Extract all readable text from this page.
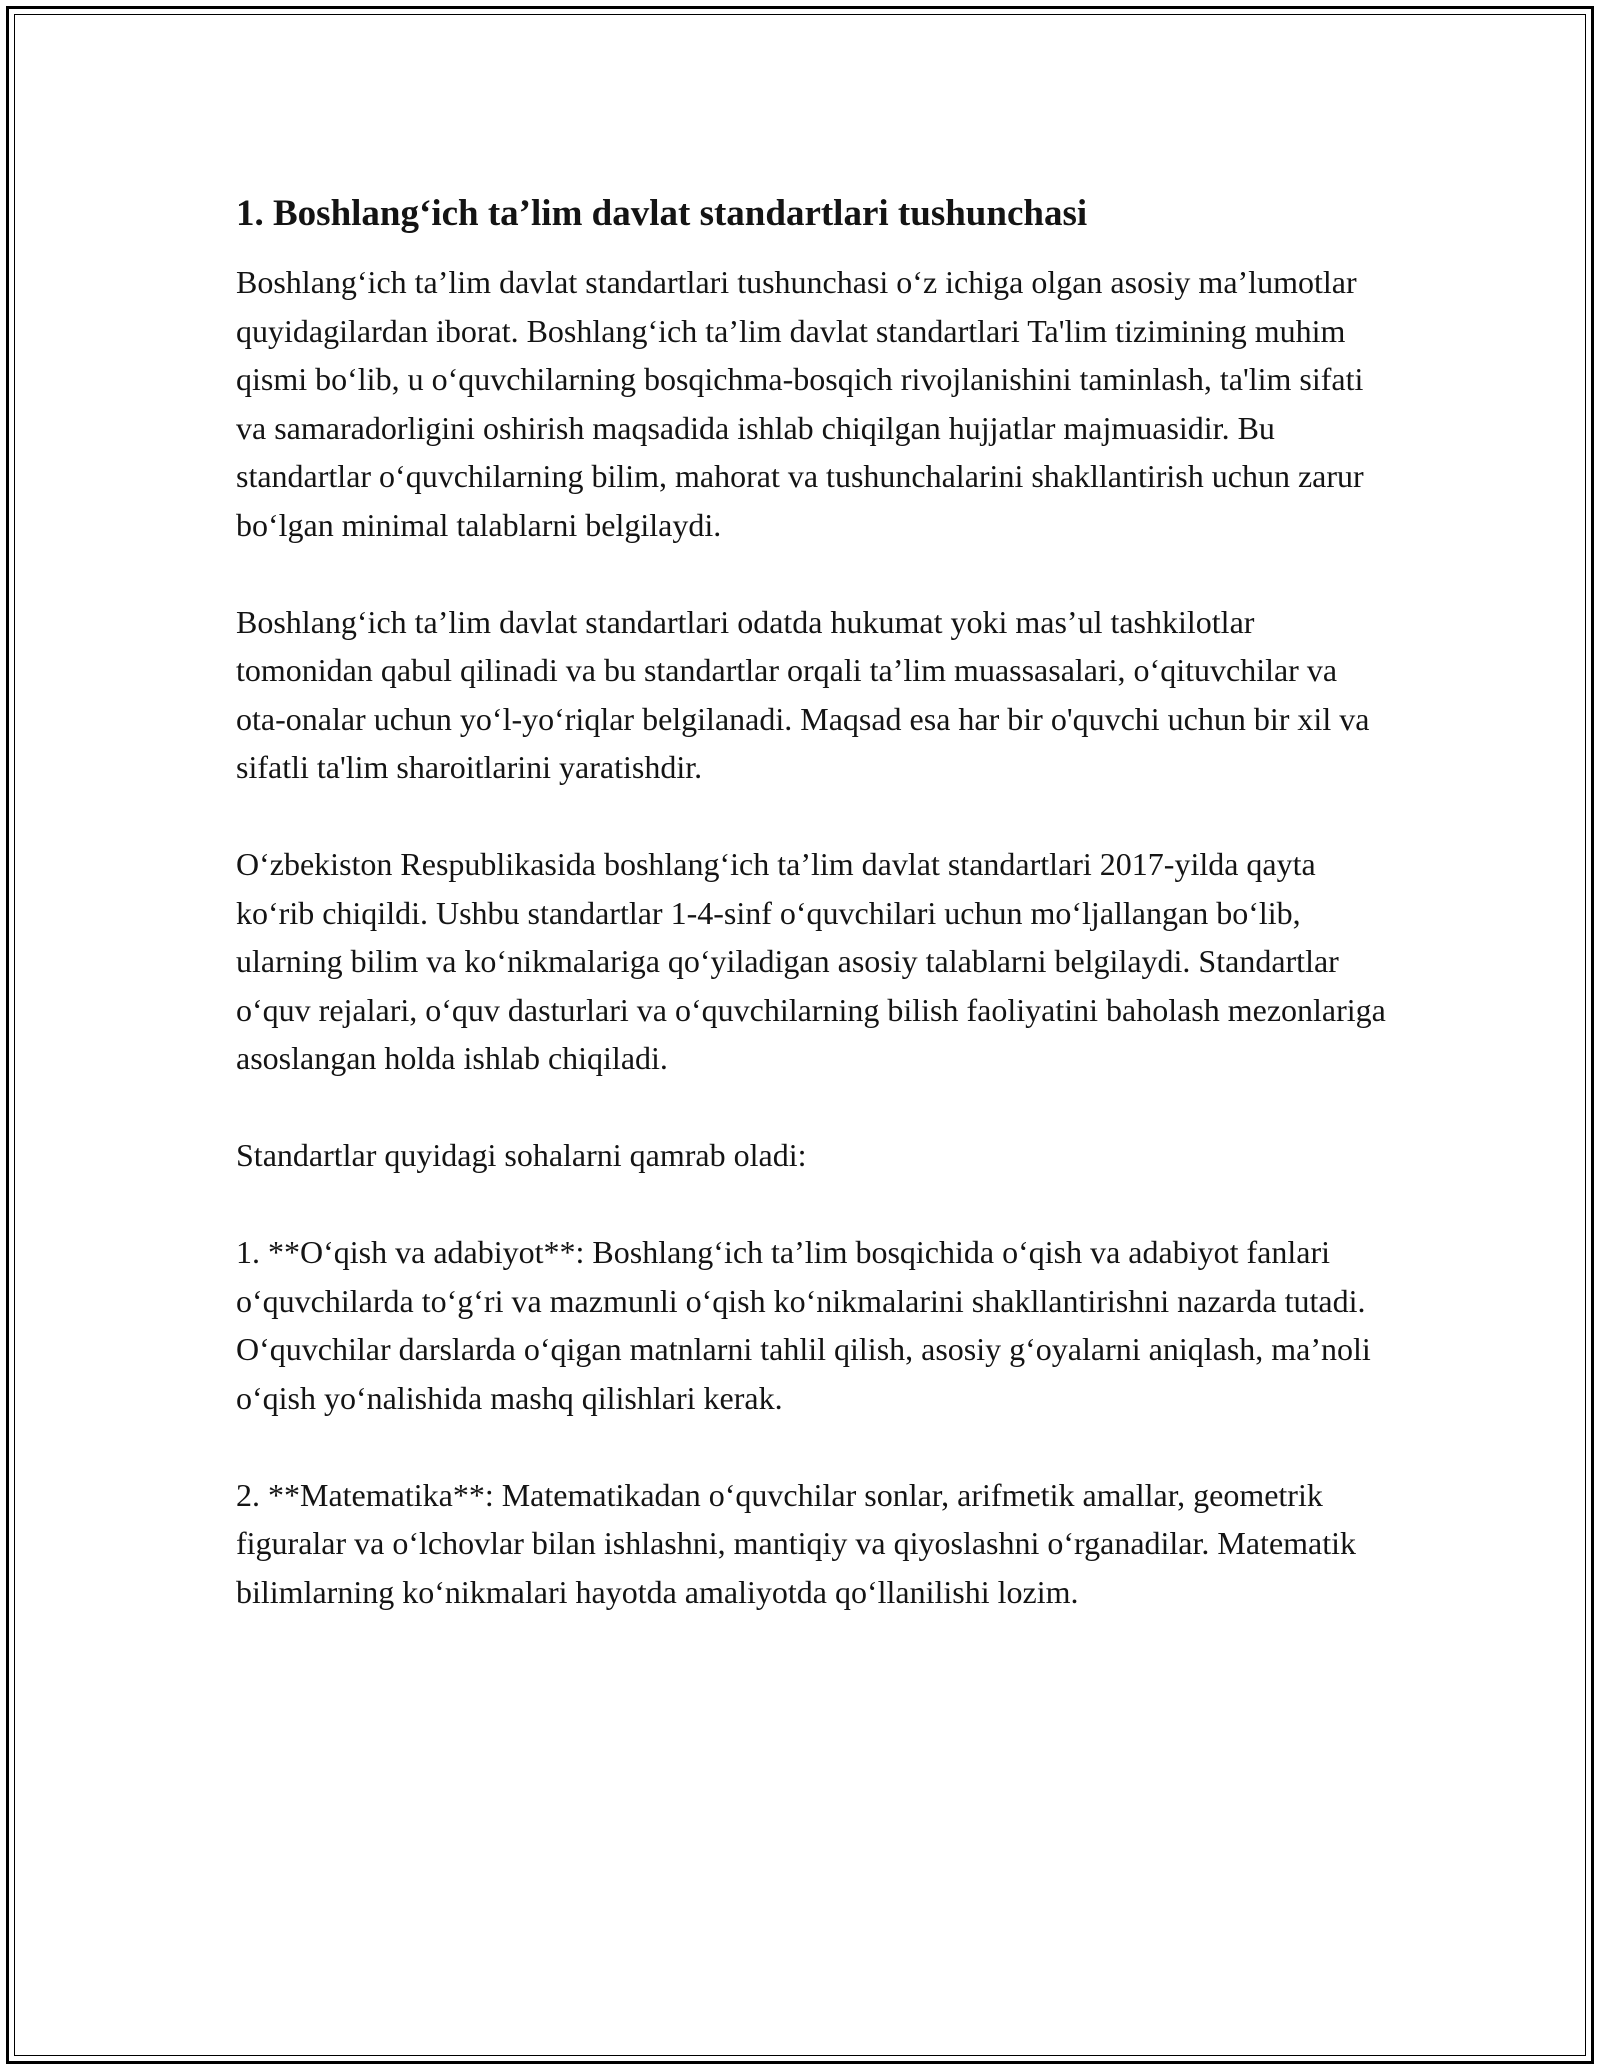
1. Boshlang‘ich ta’lim davlat standartlari tushunchasi

Boshlang‘ich ta’lim davlat standartlari tushunchasi o‘z ichiga olgan asosiy ma’lumotlar quyidagilardan iborat. Boshlang‘ich ta’lim davlat standartlari Ta'lim tizimining muhim qismi bo‘lib, u o‘quvchilarning bosqichma-bosqich rivojlanishini taminlash, ta'lim sifati va samaradorligini oshirish maqsadida ishlab chiqilgan hujjatlar majmuasidir. Bu standartlar o‘quvchilarning bilim, mahorat va tushunchalarini shakllantirish uchun zarur bo‘lgan minimal talablarni belgilaydi.

Boshlang‘ich ta’lim davlat standartlari odatda hukumat yoki mas’ul tashkilotlar tomonidan qabul qilinadi va bu standartlar orqali ta’lim muassasalari, o‘qituvchilar va ota-onalar uchun yo‘l-yo‘riqlar belgilanadi. Maqsad esa har bir o'quvchi uchun bir xil va sifatli ta'lim sharoitlarini yaratishdir.

O‘zbekiston Respublikasida boshlang‘ich ta’lim davlat standartlari 2017-yilda qayta ko‘rib chiqildi. Ushbu standartlar 1-4-sinf o‘quvchilari uchun mo‘ljallangan bo‘lib, ularning bilim va ko‘nikmalariga qo‘yiladigan asosiy talablarni belgilaydi. Standartlar o‘quv rejalari, o‘quv dasturlari va o‘quvchilarning bilish faoliyatini baholash mezonlariga asoslangan holda ishlab chiqiladi.

Standartlar quyidagi sohalarni qamrab oladi:

1. **O‘qish va adabiyot**: Boshlang‘ich ta’lim bosqichida o‘qish va adabiyot fanlari o‘quvchilarda to‘g‘ri va mazmunli o‘qish ko‘nikmalarini shakllantirishni nazarda tutadi. O‘quvchilar darslarda o‘qigan matnlarni tahlil qilish, asosiy g‘oyalarni aniqlash, ma’noli o‘qish yo‘nalishida mashq qilishlari kerak.

2. **Matematika**: Matematikadan o‘quvchilar sonlar, arifmetik amallar, geometrik figuralar va o‘lchovlar bilan ishlashni, mantiqiy va qiyoslashni o‘rganadilar. Matematik bilimlarning ko‘nikmalari hayotda amaliyotda qo‘llanilishi lozim.
